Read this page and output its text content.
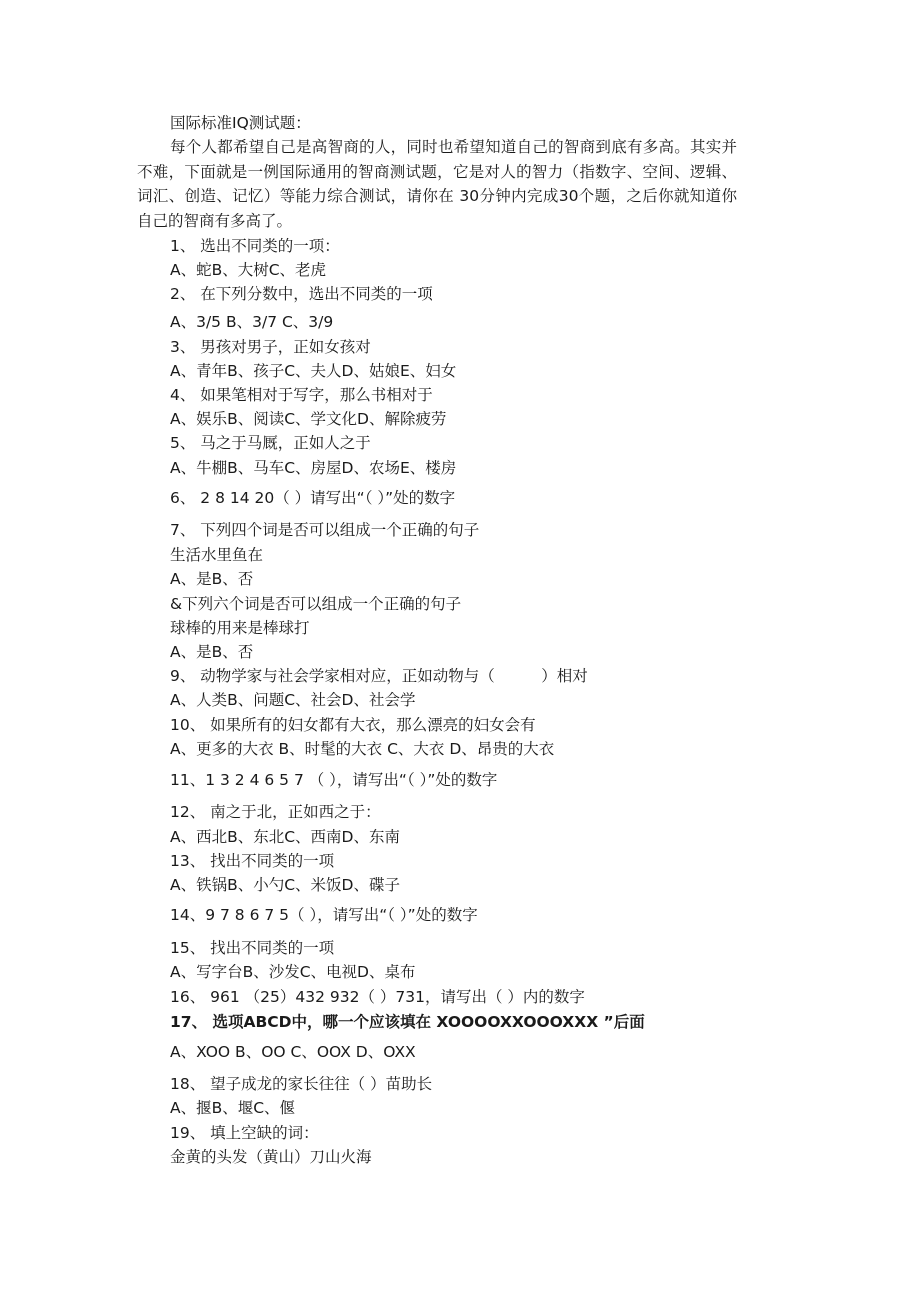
国际标准IQ测试题：

每个人都希望自己是高智商的人，同时也希望知道自己的智商到底有多高。其实并不难，下面就是一例国际通用的智商测试题，它是对人的智力（指数字、空间、逻辑、词汇、创造、记忆）等能力综合测试，请你在 30分钟内完成30个题，之后你就知道你自己的智商有多高了。

1、 选出不同类的一项：

A、蛇B、大树C、老虎

2、 在下列分数中，选出不同类的一项

A、3/5 B、3/7 C、3/9

3、 男孩对男子，正如女孩对

A、青年B、孩子C、夫人D、姑娘E、妇女

4、 如果笔相对于写字，那么书相对于

A、娱乐B、阅读C、学文化D、解除疲劳

5、 马之于马厩，正如人之于

A、牛棚B、马车C、房屋D、农场E、楼房

6、 2 8 14 20（ ）请写出“（ ）”处的数字

7、 下列四个词是否可以组成一个正确的句子

生活水里鱼在

A、是B、否

&下列六个词是否可以组成一个正确的句子

球棒的用来是棒球打

A、是B、否

9、 动物学家与社会学家相对应，正如动物与（　　　）相对

A、人类B、问题C、社会D、社会学

10、 如果所有的妇女都有大衣，那么漂亮的妇女会有

A、更多的大衣 B、时髦的大衣 C、大衣 D、昂贵的大衣

11、1 3 2 4 6 5 7 （ ），请写出“（ ）”处的数字

12、 南之于北，正如西之于：

A、西北B、东北C、西南D、东南

13、 找出不同类的一项

A、铁锅B、小勺C、米饭D、碟子

14、9 7 8 6 7 5（ ），请写出“（ ）”处的数字

15、 找出不同类的一项

A、写字台B、沙发C、电视D、桌布

16、 961 （25）432 932（ ）731，请写出（ ）内的数字

17、 选项ABCD中，哪一个应该填在 XOOOOXXOOOXXX ”后面

A、XOO B、OO C、OOX D、OXX

18、 望子成龙的家长往往（ ）苗助长

A、揠B、堰C、偃

19、 填上空缺的词：

金黄的头发（黄山）刀山火海
